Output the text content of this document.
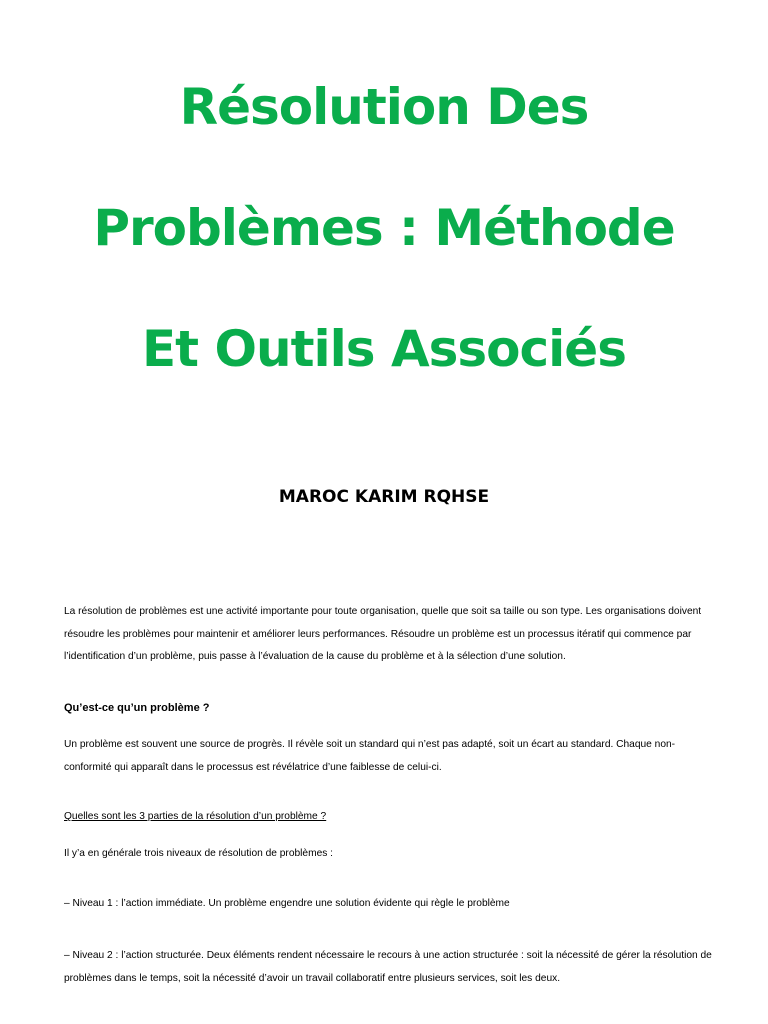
Résolution Des
Problèmes : Méthode
Et Outils Associés
MAROC KARIM RQHSE
La résolution de problèmes est une activité importante pour toute organisation, quelle que soit sa taille ou son type. Les organisations doivent
résoudre les problèmes pour maintenir et améliorer leurs performances. Résoudre un problème est un processus itératif qui commence par
l’identification d’un problème, puis passe à l’évaluation de la cause du problème et à la sélection d’une solution.
Qu’est-ce qu’un problème ?
Un problème est souvent une source de progrès. Il révèle soit un standard qui n’est pas adapté, soit un écart au standard. Chaque non-
conformité qui apparaît dans le processus est révélatrice d’une faiblesse de celui-ci.
Quelles sont les 3 parties de la résolution d’un problème ?
Il y’a en générale trois niveaux de résolution de problèmes :
– Niveau 1 : l’action immédiate. Un problème engendre une solution évidente qui règle le problème
– Niveau 2 : l’action structurée. Deux éléments rendent nécessaire le recours à une action structurée : soit la nécessité de gérer la résolution de
problèmes dans le temps, soit la nécessité d’avoir un travail collaboratif entre plusieurs services, soit les deux.
